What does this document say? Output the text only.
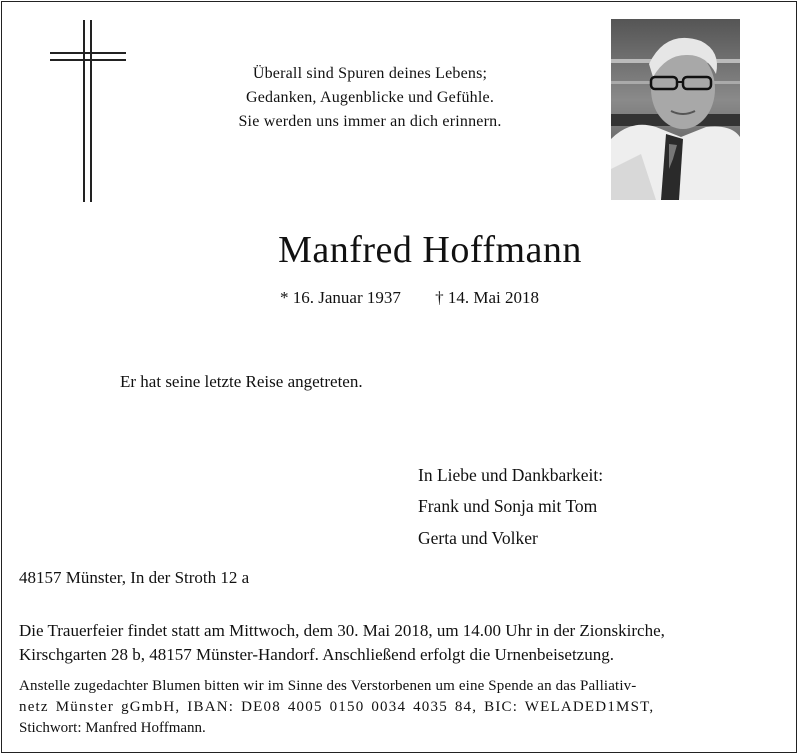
Überall sind Spuren deines Lebens;
Gedanken, Augenblicke und Gefühle.
Sie werden uns immer an dich erinnern.
Manfred Hoffmann
* 16. Januar 1937 † 14. Mai 2018
Er hat seine letzte Reise angetreten.
In Liebe und Dankbarkeit:
Frank und Sonja mit Tom
Gerta und Volker
48157 Münster, In der Stroth 12 a
Die Trauerfeier findet statt am Mittwoch, dem 30. Mai 2018, um 14.00 Uhr in der Zionskirche,
Kirschgarten 28 b, 48157 Münster-Handorf. Anschließend erfolgt die Urnenbeisetzung.
Anstelle zugedachter Blumen bitten wir im Sinne des Verstorbenen um eine Spende an das Palliativ-
netz Münster gGmbH, IBAN: DE08 4005 0150 0034 4035 84, BIC: WELADED1MST,
Stichwort: Manfred Hoffmann.
